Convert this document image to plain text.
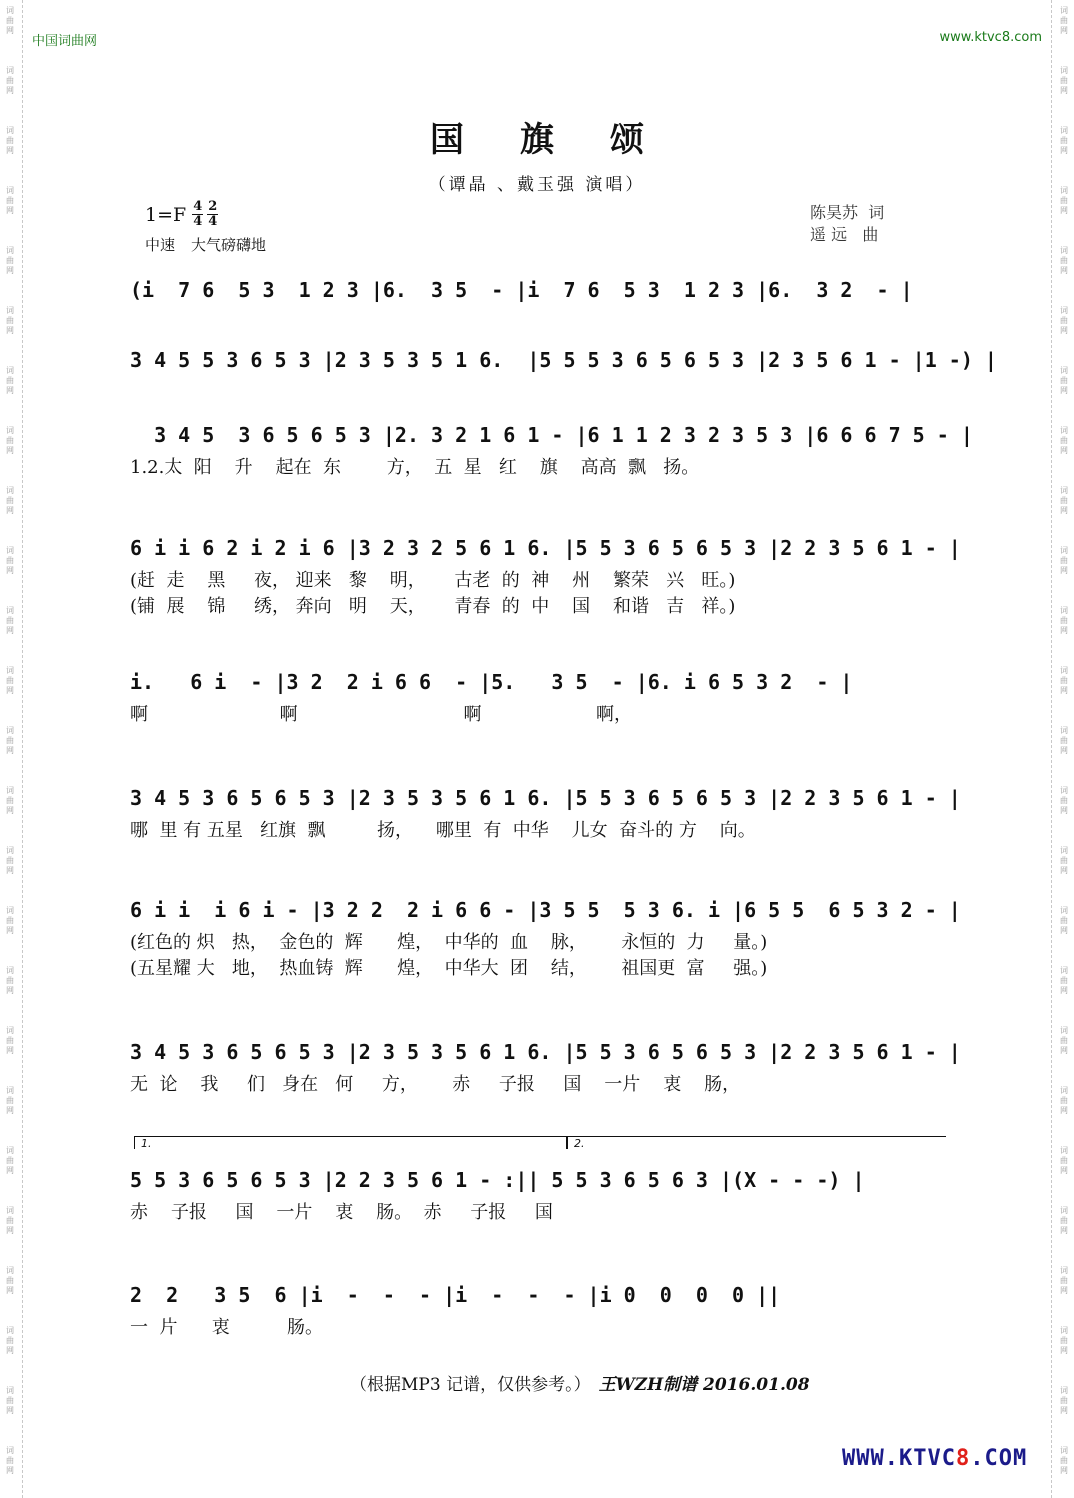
词曲网
词曲网
词曲网
词曲网
词曲网
词曲网
词曲网
词曲网
词曲网
词曲网
词曲网
词曲网
词曲网
词曲网
词曲网
词曲网
词曲网
词曲网
词曲网
词曲网
词曲网
词曲网
词曲网
词曲网
词曲网
词曲网
词曲网
词曲网
词曲网
词曲网
词曲网
词曲网
词曲网
词曲网
词曲网
词曲网
词曲网
词曲网
词曲网
词曲网
词曲网
词曲网
词曲网
词曲网
词曲网
词曲网
词曲网
词曲网
词曲网
词曲网
中国词曲网	www.ktvc8.com
国旗颂
（谭晶 、戴玉强 演唱）
$1=F \frac{4}{4} \frac{2}{4}$
中速 大气磅礴地
陈昊苏 词
遥 远 曲
(i  7 6  5 3  1 2 3 |6.  3 5  - |i  7 6  5 3  1 2 3 |6.  3 2  - |
3 4 5 5 3 6 5 3 |2 3 5 3 5 1 6.  |5 5 5 3 6 5 6 5 3 |2 3 5 6 1 - |1 -) |
3 4 5  3 6 5 6 5 3 |2. 3 2 1 6 1 - |6 1 1 2 3 2 3 5 3 |6 6 6 7 5 - |
1.2.太  阳    升    起在  东        方，  五  星   红    旗    高高  飘   扬。
6 i i 6 2 i 2 i 6 |3 2 3 2 5 6 1 6. |5 5 3 6 5 6 5 3 |2 2 3 5 6 1 - |
(赶  走    黑     夜， 迎来   黎    明，     古老  的  神    州    繁荣   兴   旺。)
(铺  展    锦     绣， 奔向   明    天，     青春  的  中    国    和谐   吉   祥。)
i.   6 i  - |3 2  2 i 6 6  - |5.   3 5  - |6. i 6 5 3 2  - |
啊                       啊                             啊                    啊，
3 4 5 3 6 5 6 5 3 |2 3 5 3 5 6 1 6. |5 5 3 6 5 6 5 3 |2 2 3 5 6 1 - |
哪  里 有 五星   红旗  飘         扬，    哪里  有  中华    儿女  奋斗的 方    向。
6 i i  i 6 i - |3 2 2  2 i 6 6 - |3 5 5  5 3 6. i |6 5 5  6 5 3 2 - |
(红色的 炽   热，  金色的  辉      煌，  中华的  血    脉，      永恒的  力     量。)
(五星耀 大   地，  热血铸  辉      煌，  中华大  团    结，      祖国更  富     强。)
3 4 5 3 6 5 6 5 3 |2 3 5 3 5 6 1 6. |5 5 3 6 5 6 5 3 |2 2 3 5 6 1 - |
无  论    我     们   身在   何     方，      赤     子报     国    一片    衷    肠，
5 5 3 6 5 6 5 3 |2 2 3 5 6 1 - :|| 5 5 3 6 5 6 3 |(X - - -) |
赤    子报     国    一片    衷    肠。  赤     子报     国
2  2   3 5  6 |i  -  -  - |i  -  -  - |i 0  0  0  0 ||
一  片      衷          肠。
1.	2.
（根据MP3 记谱，仅供参考。） 王WZH制谱 2016.01.08
WWW.KTVC8.COM
